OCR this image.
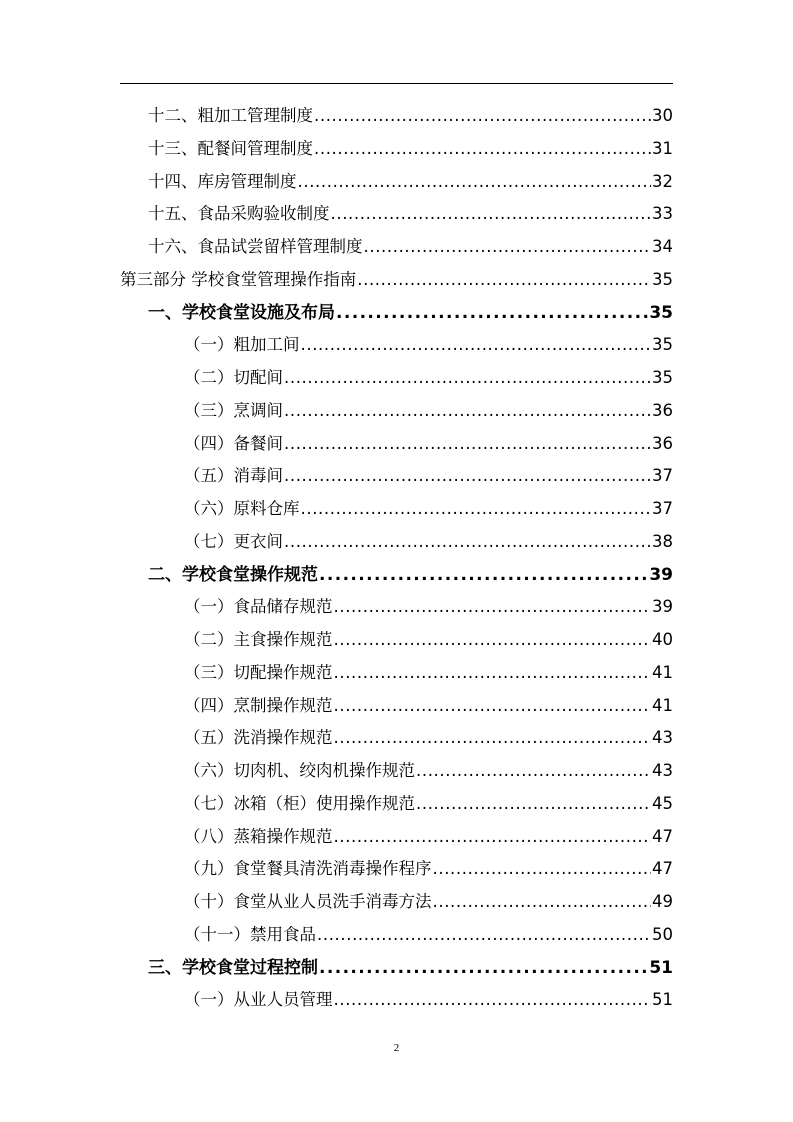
十二、粗加工管理制度 .....	30
十三、配餐间管理制度 .....	31
十四、库房管理制度 .....	32
十五、食品采购验收制度 .....	33
十六、食品试尝留样管理制度 .....	34
第三部分 学校食堂管理操作指南 .....	35
一、学校食堂设施及布局 .....	35
（一）粗加工间 .....	35
（二）切配间 .....	35
（三）烹调间 .....	36
（四）备餐间 .....	36
（五）消毒间 .....	37
（六）原料仓库 .....	37
（七）更衣间 .....	38
二、学校食堂操作规范 .....	39
（一）食品储存规范 .....	39
（二）主食操作规范 .....	40
（三）切配操作规范 .....	41
（四）烹制操作规范 .....	41
（五）洗消操作规范 .....	43
（六）切肉机、绞肉机操作规范 .....	43
（七）冰箱（柜）使用操作规范 .....	45
（八）蒸箱操作规范 .....	47
（九）食堂餐具清洗消毒操作程序 .....	47
（十）食堂从业人员洗手消毒方法 .....	49
（十一）禁用食品 .....	50
三、学校食堂过程控制 .....	51
（一）从业人员管理 .....	51
2
